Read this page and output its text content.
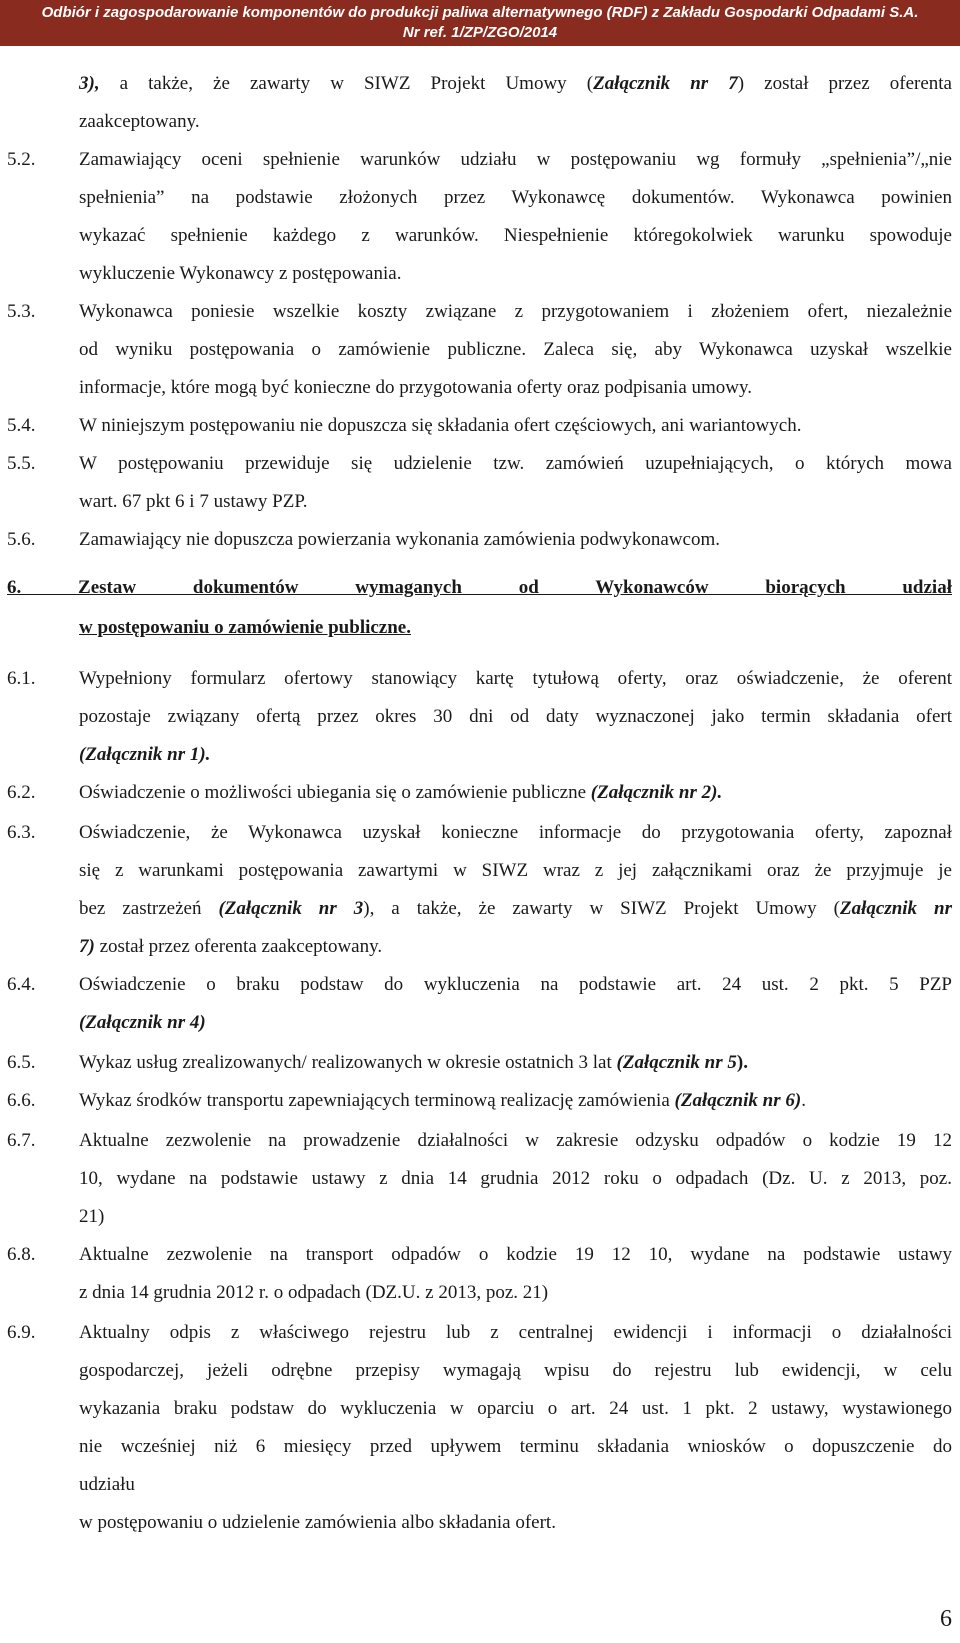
Odbiór i zagospodarowanie komponentów do produkcji paliwa alternatywnego (RDF) z Zakładu Gospodarki Odpadami S.A.
Nr ref. 1/ZP/ZGO/2014
3), a także, że zawarty w SIWZ Projekt Umowy (Załącznik nr 7) został przez oferenta
zaakceptowany.
5.2. Zamawiający oceni spełnienie warunków udziału w postępowaniu wg formuły „spełnienia”/„nie
spełnienia” na podstawie złożonych przez Wykonawcę dokumentów. Wykonawca powinien
wykazać spełnienie każdego z warunków. Niespełnienie któregokolwiek warunku spowoduje
wykluczenie Wykonawcy z postępowania.
5.3. Wykonawca poniesie wszelkie koszty związane z przygotowaniem i złożeniem ofert, niezależnie
od wyniku postępowania o zamówienie publiczne. Zaleca się, aby Wykonawca uzyskał wszelkie
informacje, które mogą być konieczne do przygotowania oferty oraz podpisania umowy.
5.4. W niniejszym postępowaniu nie dopuszcza się składania ofert częściowych, ani wariantowych.
5.5. W postępowaniu przewiduje się udzielenie tzw. zamówień uzupełniających, o których mowa
wart. 67 pkt 6 i 7 ustawy PZP.
5.6. Zamawiający nie dopuszcza powierzania wykonania zamówienia podwykonawcom.
6. Zestaw dokumentów wymaganych od Wykonawców biorących udział
w postępowaniu o zamówienie publiczne.
6.1. Wypełniony formularz ofertowy stanowiący kartę tytułową oferty, oraz oświadczenie, że oferent
pozostaje związany ofertą przez okres 30 dni od daty wyznaczonej jako termin składania ofert
(Załącznik nr 1).
6.2. Oświadczenie o możliwości ubiegania się o zamówienie publiczne (Załącznik nr 2).
6.3. Oświadczenie, że Wykonawca uzyskał konieczne informacje do przygotowania oferty, zapoznał
się z warunkami postępowania zawartymi w SIWZ wraz z jej załącznikami oraz że przyjmuje je
bez zastrzeżeń (Załącznik nr 3), a także, że zawarty w SIWZ Projekt Umowy (Załącznik nr
7) został przez oferenta zaakceptowany.
6.4. Oświadczenie o braku podstaw do wykluczenia na podstawie art. 24 ust. 2 pkt. 5 PZP
(Załącznik nr 4)
6.5. Wykaz usług zrealizowanych/ realizowanych w okresie ostatnich 3 lat (Załącznik nr 5).
6.6. Wykaz środków transportu zapewniających terminową realizację zamówienia (Załącznik nr 6).
6.7. Aktualne zezwolenie na prowadzenie działalności w zakresie odzysku odpadów o kodzie 19 12
10, wydane na podstawie ustawy z dnia 14 grudnia 2012 roku o odpadach (Dz. U. z 2013, poz.
21)
6.8. Aktualne zezwolenie na transport odpadów o kodzie 19 12 10, wydane na podstawie ustawy
z dnia 14 grudnia 2012 r. o odpadach (DZ.U. z 2013, poz. 21)
6.9. Aktualny odpis z właściwego rejestru lub z centralnej ewidencji i informacji o działalności
gospodarczej, jeżeli odrębne przepisy wymagają wpisu do rejestru lub ewidencji, w celu
wykazania braku podstaw do wykluczenia w oparciu o art. 24 ust. 1 pkt. 2 ustawy, wystawionego
nie wcześniej niż 6 miesięcy przed upływem terminu składania wniosków o dopuszczenie do
udziału
w postępowaniu o udzielenie zamówienia albo składania ofert.
6
